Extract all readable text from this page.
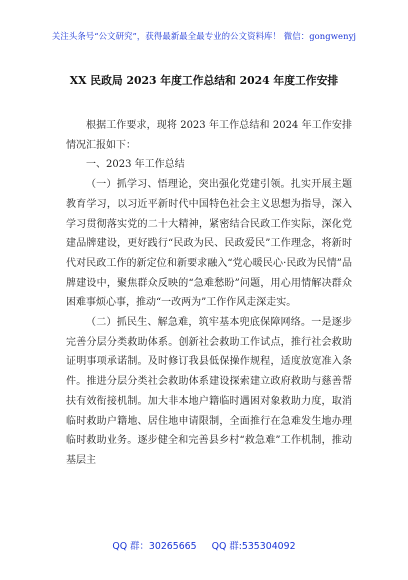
关注头条号“公文研究”，获得最新最全最专业的公文资料库！ 微信：gongwenyj
XX 民政局 2023 年度工作总结和 2024 年度工作安排

根据工作要求，现将 2023 年工作总结和 2024 年工作安排情况汇报如下：

一、2023 年工作总结

（一）抓学习、悟理论，突出强化党建引领。扎实开展主题教育学习，以习近平新时代中国特色社会主义思想为指导，深入学习贯彻落实党的二十大精神，紧密结合民政工作实际，深化党建品牌建设，更好践行“民政为民、民政爱民”工作理念，将新时代对民政工作的新定位和新要求融入“党心暖民心·民政为民情”品牌建设中，聚焦群众反映的“急难愁盼”问题，用心用情解决群众困难事烦心事，推动“一改两为”工作作风走深走实。

（二）抓民生、解急难，筑牢基本兜底保障网络。一是逐步完善分层分类救助体系。创新社会救助工作试点，推行社会救助证明事项承诺制。及时修订我县低保操作规程，适度放宽准入条件。推进分层分类社会救助体系建设探索建立政府救助与慈善帮扶有效衔接机制。加大非本地户籍临时遇困对象救助力度，取消临时救助户籍地、居住地申请限制，全面推行在急难发生地办理临时救助业务。逐步健全和完善县乡村“救急难”工作机制，推动基层主

QQ 群：30265665 QQ 群:535304092
